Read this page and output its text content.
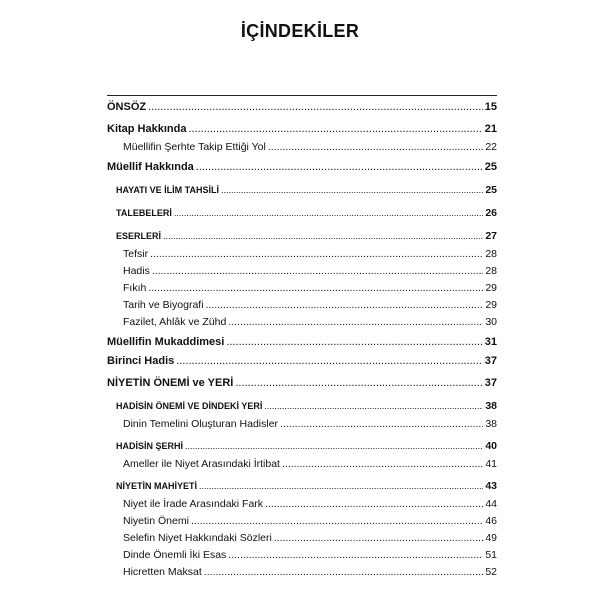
İÇİNDEKİLER
ÖNSÖZ .....	15
Kitap Hakkında .....	21
Müellifin Şerhte Takip Ettiği Yol .....	22
Müellif Hakkında .....	25
HAYATI VE İLİM TAHSİLİ .....	25
TALEBELERİ .....	26
ESERLERİ .....	27
Tefsir .....	28
Hadis .....	28
Fıkıh .....	29
Tarih ve Biyografi .....	29
Fazilet, Ahlâk ve Zühd .....	30
Müellifin Mukaddimesi .....	31
Birinci Hadis .....	37
NİYETİN ÖNEMİ ve YERİ .....	37
HADİSİN ÖNEMİ VE DİNDEKİ YERİ .....	38
Dinin Temelini Oluşturan Hadisler .....	38
HADİSİN ŞERHİ .....	40
Ameller ile Niyet Arasındaki İrtibat .....	41
NİYETİN MAHİYETİ .....	43
Niyet ile İrade Arasındaki Fark .....	44
Niyetin Önemi .....	46
Selefin Niyet Hakkındaki Sözleri .....	49
Dinde Önemli İki Esas .....	51
Hicretten Maksat .....	52
